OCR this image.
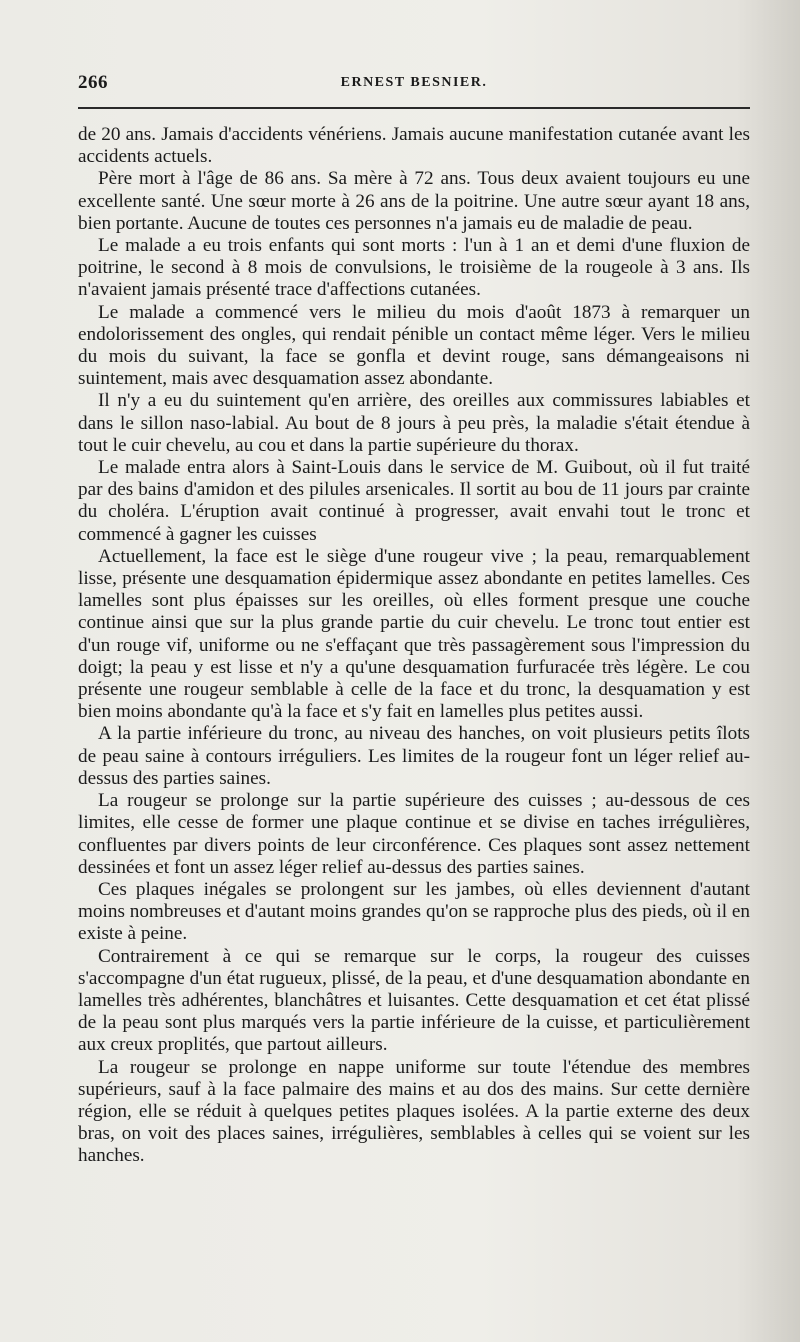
266	ERNEST BESNIER.

de 20 ans. Jamais d'accidents vénériens. Jamais aucune manifestation cutanée avant les accidents actuels.

Père mort à l'âge de 86 ans. Sa mère à 72 ans. Tous deux avaient toujours eu une excellente santé. Une sœur morte à 26 ans de la poitrine. Une autre sœur ayant 18 ans, bien portante. Aucune de toutes ces personnes n'a jamais eu de maladie de peau.

Le malade a eu trois enfants qui sont morts : l'un à 1 an et demi d'une fluxion de poitrine, le second à 8 mois de convulsions, le troisième de la rougeole à 3 ans. Ils n'avaient jamais présenté trace d'affections cutanées.

Le malade a commencé vers le milieu du mois d'août 1873 à remarquer un endolorissement des ongles, qui rendait pénible un contact même léger. Vers le milieu du mois du suivant, la face se gonfla et devint rouge, sans démangeaisons ni suintement, mais avec desquamation assez abondante.

Il n'y a eu du suintement qu'en arrière, des oreilles aux commissures labiables et dans le sillon naso-labial. Au bout de 8 jours à peu près, la maladie s'était étendue à tout le cuir chevelu, au cou et dans la partie supérieure du thorax.

Le malade entra alors à Saint-Louis dans le service de M. Guibout, où il fut traité par des bains d'amidon et des pilules arsenicales. Il sortit au bou de 11 jours par crainte du choléra. L'éruption avait continué à progresser, avait envahi tout le tronc et commencé à gagner les cuisses

Actuellement, la face est le siège d'une rougeur vive ; la peau, remarquablement lisse, présente une desquamation épidermique assez abondante en petites lamelles. Ces lamelles sont plus épaisses sur les oreilles, où elles forment presque une couche continue ainsi que sur la plus grande partie du cuir chevelu. Le tronc tout entier est d'un rouge vif, uniforme ou ne s'effaçant que très passagèrement sous l'impression du doigt; la peau y est lisse et n'y a qu'une desquamation furfuracée très légère. Le cou présente une rougeur semblable à celle de la face et du tronc, la desquamation y est bien moins abondante qu'à la face et s'y fait en lamelles plus petites aussi.

A la partie inférieure du tronc, au niveau des hanches, on voit plusieurs petits îlots de peau saine à contours irréguliers. Les limites de la rougeur font un léger relief au-dessus des parties saines.

La rougeur se prolonge sur la partie supérieure des cuisses ; au-dessous de ces limites, elle cesse de former une plaque continue et se divise en taches irrégulières, confluentes par divers points de leur circonférence. Ces plaques sont assez nettement dessinées et font un assez léger relief au-dessus des parties saines.

Ces plaques inégales se prolongent sur les jambes, où elles deviennent d'autant moins nombreuses et d'autant moins grandes qu'on se rapproche plus des pieds, où il en existe à peine.

Contrairement à ce qui se remarque sur le corps, la rougeur des cuisses s'accompagne d'un état rugueux, plissé, de la peau, et d'une desquamation abondante en lamelles très adhérentes, blanchâtres et luisantes. Cette desquamation et cet état plissé de la peau sont plus marqués vers la partie inférieure de la cuisse, et particulièrement aux creux proplités, que partout ailleurs.

La rougeur se prolonge en nappe uniforme sur toute l'étendue des membres supérieurs, sauf à la face palmaire des mains et au dos des mains. Sur cette dernière région, elle se réduit à quelques petites plaques isolées. A la partie externe des deux bras, on voit des places saines, irrégulières, semblables à celles qui se voient sur les hanches.
